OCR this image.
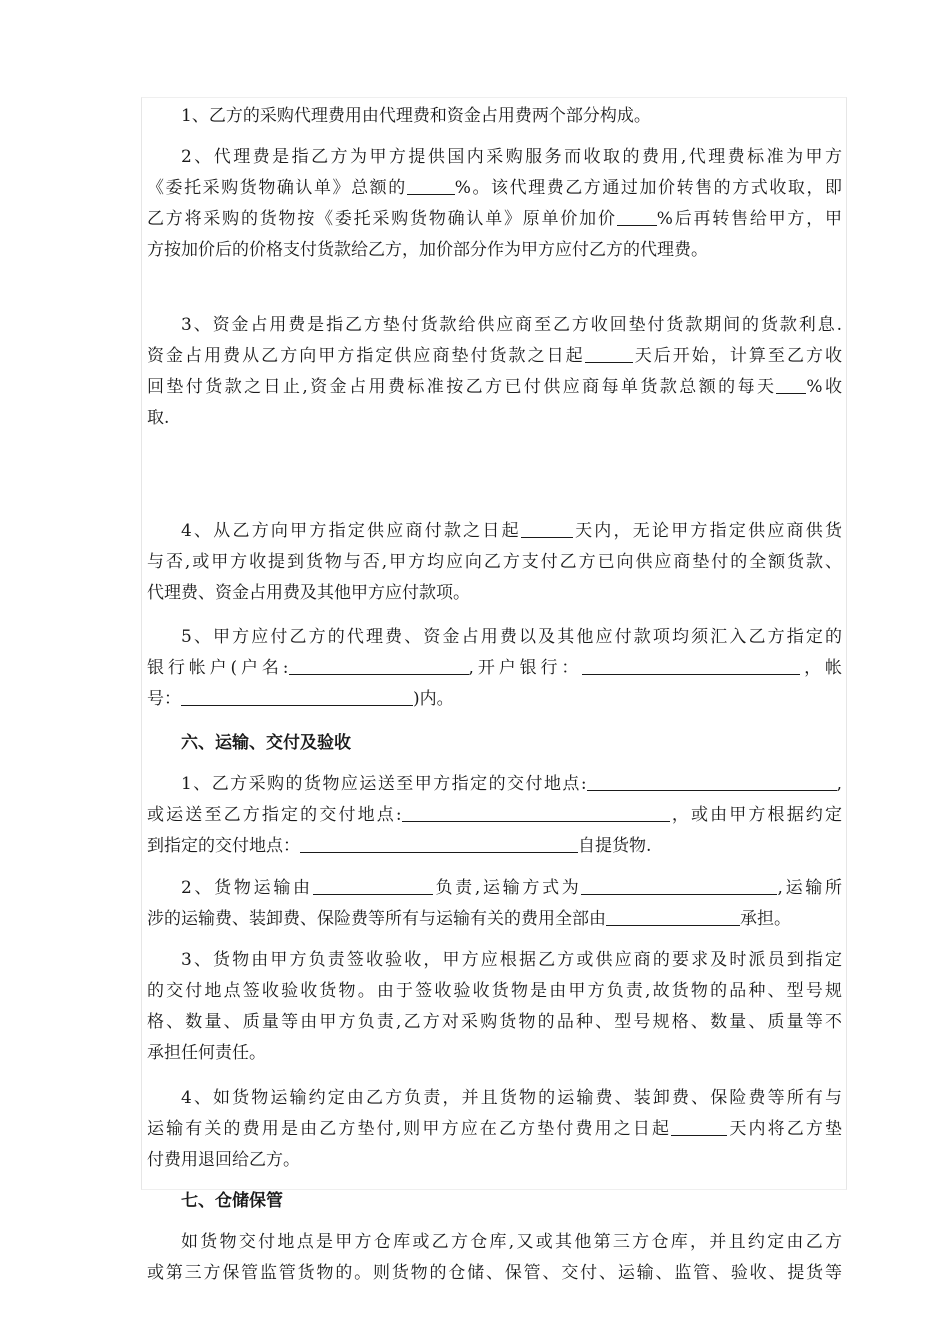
1、乙方的采购代理费用由代理费和资金占用费两个部分构成。
2、代理费是指乙方为甲方提供国内采购服务而收取的费用,代理费标准为甲方
《委托采购货物确认单》总额的	%。该代理费乙方通过加价转售的方式收取，即
乙方将采购的货物按《委托采购货物确认单》原单价加价 %后再转售给甲方，甲
方按加价后的价格支付货款给乙方，加价部分作为甲方应付乙方的代理费。
3、资金占用费是指乙方垫付货款给供应商至乙方收回垫付货款期间的货款利息.
资金占用费从乙方向甲方指定供应商垫付货款之日起	天后开始，计算至乙方收
回垫付货款之日止,资金占用费标准按乙方已付供应商每单货款总额的每天 %收
取.
4、从乙方向甲方指定供应商付款之日起	天内，无论甲方指定供应商供货
与否,或甲方收提到货物与否,甲方均应向乙方支付乙方已向供应商垫付的全额货款、
代理费、资金占用费及其他甲方应付款项。
5、甲方应付乙方的代理费、资金占用费以及其他应付款项均须汇入乙方指定的
银行帐户(户名:	,开户银行：	，帐
号：	)内。
六、运输、交付及验收
1、乙方采购的货物应运送至甲方指定的交付地点:	,
或运送至乙方指定的交付地点:	，或由甲方根据约定
到指定的交付地点：	自提货物.
2、货物运输由	负责,运输方式为	,运输所
涉的运输费、装卸费、保险费等所有与运输有关的费用全部由	承担。
3、货物由甲方负责签收验收，甲方应根据乙方或供应商的要求及时派员到指定
的交付地点签收验收货物。由于签收验收货物是由甲方负责,故货物的品种、型号规
格、数量、质量等由甲方负责,乙方对采购货物的品种、型号规格、数量、质量等不
承担任何责任。
4、如货物运输约定由乙方负责，并且货物的运输费、装卸费、保险费等所有与
运输有关的费用是由乙方垫付,则甲方应在乙方垫付费用之日起	天内将乙方垫
付费用退回给乙方。
七、仓储保管
如货物交付地点是甲方仓库或乙方仓库,又或其他第三方仓库，并且约定由乙方
或第三方保管监管货物的。则货物的仓储、保管、交付、运输、监管、验收、提货等
